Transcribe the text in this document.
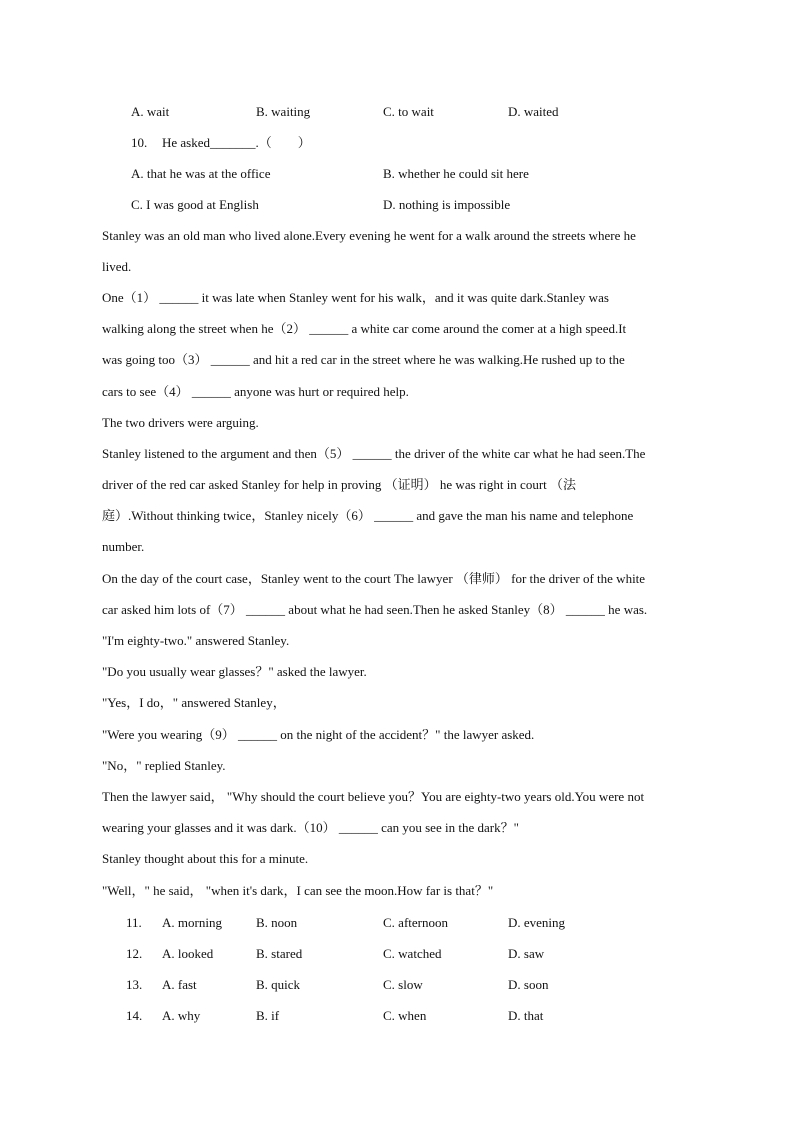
A. wait	B. waiting	C. to wait	D. waited
10. He asked_______.（　　）
A. that he was at the office	B. whether he could sit here
C. I was good at English	D. nothing is impossible
Stanley was an old man who lived alone.Every evening he went for a walk around the streets where he
lived.
One（1） ______ it was late when Stanley went for his walk，and it was quite dark.Stanley was
walking along the street when he（2） ______ a white car come around the comer at a high speed.It
was going too（3） ______ and hit a red car in the street where he was walking.He rushed up to the
cars to see（4） ______ anyone was hurt or required help.
The two drivers were arguing.
Stanley listened to the argument and then（5） ______ the driver of the white car what he had seen.The
driver of the red car asked Stanley for help in proving （证明） he was right in court （法
庭）.Without thinking twice，Stanley nicely（6） ______ and gave the man his name and telephone
number.
On the day of the court case，Stanley went to the court The lawyer （律师） for the driver of the white
car asked him lots of（7） ______ about what he had seen.Then he asked Stanley（8） ______ he was.
"I'm eighty-two." answered Stanley.
"Do you usually wear glasses？" asked the lawyer.
"Yes，I do，" answered Stanley，
"Were you wearing（9） ______ on the night of the accident？" the lawyer asked.
"No，" replied Stanley.
Then the lawyer said， "Why should the court believe you？You are eighty-two years old.You were not
wearing your glasses and it was dark.（10） ______ can you see in the dark？"
Stanley thought about this for a minute.
"Well，" he said， "when it's dark，I can see the moon.How far is that？"
11. A. morning	B. noon	C. afternoon	D. evening
12. A. looked	B. stared	C. watched	D. saw
13. A. fast	B. quick	C. slow	D. soon
14. A. why	B. if	C. when	D. that
